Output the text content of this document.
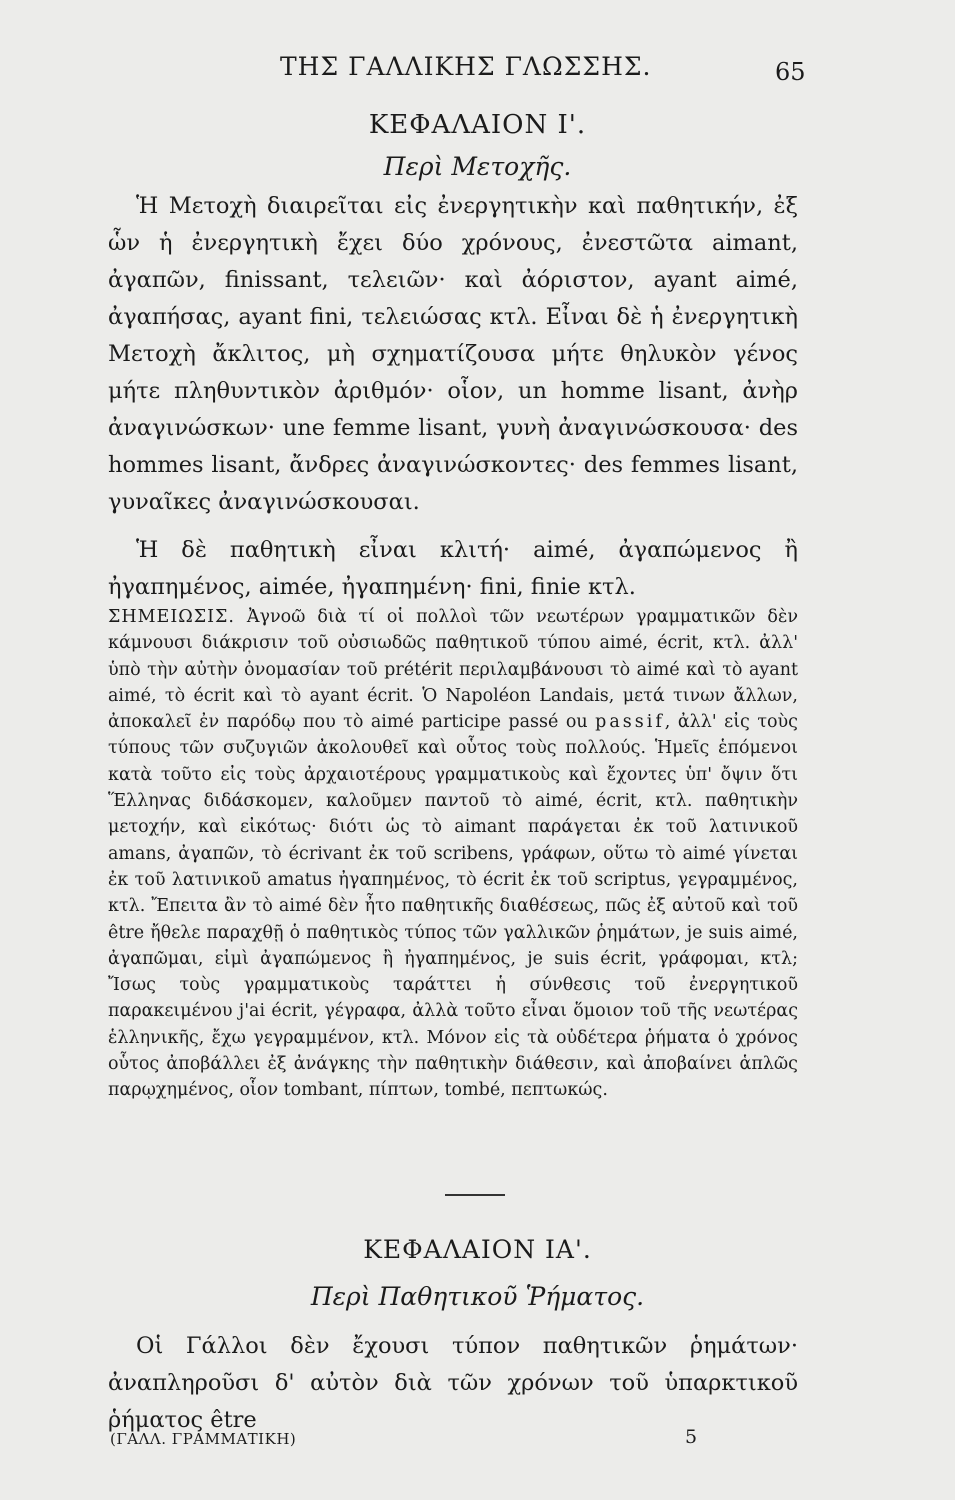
ΤΗΣ ΓΑΛΛΙΚΗΣ ΓΛΩΣΣΗΣ.	65
ΚΕΦΑΛΑΙΟΝ Ι'.
Περὶ Μετοχῆς.

Ἡ Μετοχὴ διαιρεῖται εἰς ἐνεργητικὴν καὶ παθητικήν, ἐξ ὧν ἡ ἐνεργητικὴ ἔχει δύο χρόνους, ἐνεστῶτα aimant, ἀγαπῶν, finissant, τελειῶν· καὶ ἀόριστον, ayant aimé, ἀγαπήσας, ayant fini, τελειώσας κτλ. Εἶναι δὲ ἡ ἐνεργητικὴ Μετοχὴ ἄκλιτος, μὴ σχηματίζουσα μήτε θηλυκὸν γένος μήτε πληθυντικὸν ἀριθμόν· οἷον, un homme lisant, ἀνὴρ ἀναγινώσκων· une femme lisant, γυνὴ ἀναγινώσκουσα· des hommes lisant, ἄνδρες ἀναγινώσκοντες· des femmes lisant, γυναῖκες ἀναγινώσκουσαι.

Ἡ δὲ παθητικὴ εἶναι κλιτή· aimé, ἀγαπώμενος ἢ ἠγαπημένος, aimée, ἠγαπημένη· fini, finie κτλ.

ΣΗΜΕΙΩΣΙΣ. Ἀγνοῶ διὰ τί οἱ πολλοὶ τῶν νεωτέρων γραμματικῶν δὲν κάμνουσι διάκρισιν τοῦ οὐσιωδῶς παθητικοῦ τύπου aimé, écrit, κτλ. ἀλλ' ὑπὸ τὴν αὐτὴν ὀνομασίαν τοῦ prétérit περιλαμβάνουσι τὸ aimé καὶ τὸ ayant aimé, τὸ écrit καὶ τὸ ayant écrit. Ὁ Napoléon Landais, μετά τινων ἄλλων, ἀποκαλεῖ ἐν παρόδῳ που τὸ aimé participe passé ou passif, ἀλλ' εἰς τοὺς τύπους τῶν συζυγιῶν ἀκολουθεῖ καὶ οὗτος τοὺς πολλούς. Ἡμεῖς ἑπόμενοι κατὰ τοῦτο εἰς τοὺς ἀρχαιοτέρους γραμματικοὺς καὶ ἔχοντες ὑπ' ὄψιν ὅτι Ἕλληνας διδάσκομεν, καλοῦμεν παντοῦ τὸ aimé, écrit, κτλ. παθητικὴν μετοχήν, καὶ εἰκότως· διότι ὡς τὸ aimant παράγεται ἐκ τοῦ λατινικοῦ amans, ἀγαπῶν, τὸ écrivant ἐκ τοῦ scribens, γράφων, οὕτω τὸ aimé γίνεται ἐκ τοῦ λατινικοῦ amatus ἠγαπημένος, τὸ écrit ἐκ τοῦ scriptus, γεγραμμένος, κτλ. Ἔπειτα ἂν τὸ aimé δὲν ἦτο παθητικῆς διαθέσεως, πῶς ἐξ αὐτοῦ καὶ τοῦ être ἤθελε παραχθῇ ὁ παθητικὸς τύπος τῶν γαλλικῶν ῥημάτων, je suis aimé, ἀγαπῶμαι, εἰμὶ ἀγαπώμενος ἢ ἠγαπημένος, je suis écrit, γράφομαι, κτλ; Ἴσως τοὺς γραμματικοὺς ταράττει ἡ σύνθεσις τοῦ ἐνεργητικοῦ παρακειμένου j'ai écrit, γέγραφα, ἀλλὰ τοῦτο εἶναι ὅμοιον τοῦ τῆς νεωτέρας ἑλληνικῆς, ἔχω γεγραμμένον, κτλ. Μόνον εἰς τὰ οὐδέτερα ῥήματα ὁ χρόνος οὗτος ἀποβάλλει ἐξ ἀνάγκης τὴν παθητικὴν διάθεσιν, καὶ ἀποβαίνει ἁπλῶς παρῳχημένος, οἷον tombant, πίπτων, tombé, πεπτωκώς.

ΚΕΦΑΛΑΙΟΝ ΙΑ'.
Περὶ Παθητικοῦ Ῥήματος.

Οἱ Γάλλοι δὲν ἔχουσι τύπον παθητικῶν ῥημάτων· ἀναπληροῦσι δ' αὐτὸν διὰ τῶν χρόνων τοῦ ὑπαρκτικοῦ ῥήματος être

(ΓΑΛΛ. ΓΡΑΜΜΑΤΙΚΗ)	5
